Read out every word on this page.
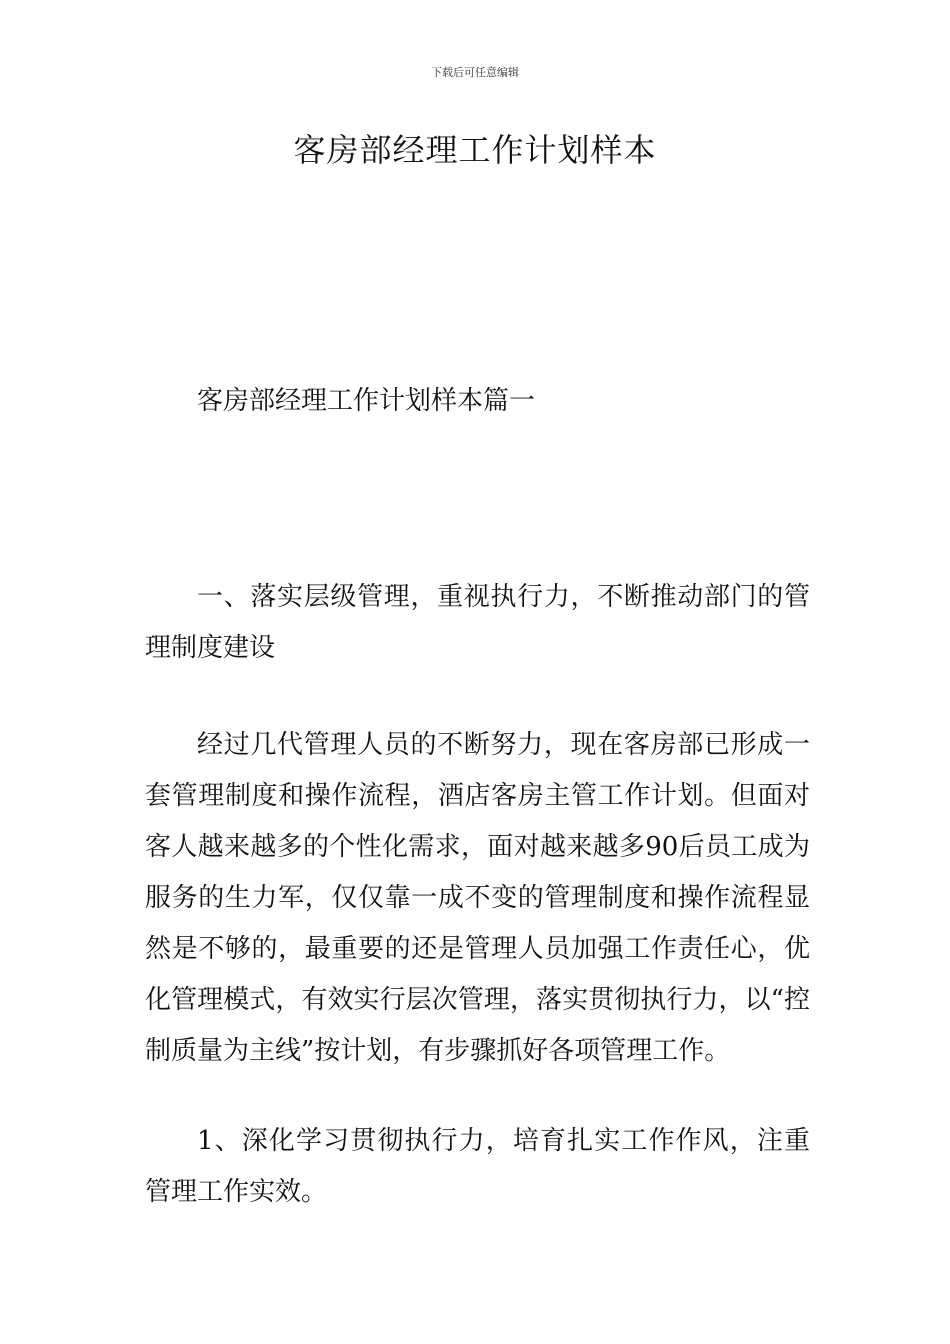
下载后可任意编辑
客房部经理工作计划样本

客房部经理工作计划样本篇一

一、落实层级管理，重视执行力，不断推动部门的管理制度建设

经过几代管理人员的不断努力，现在客房部已形成一套管理制度和操作流程，酒店客房主管工作计划。但面对客人越来越多的个性化需求，面对越来越多90后员工成为服务的生力军，仅仅靠一成不变的管理制度和操作流程显然是不够的，最重要的还是管理人员加强工作责任心，优化管理模式，有效实行层次管理，落实贯彻执行力，以“控制质量为主线”按计划，有步骤抓好各项管理工作。

1、深化学习贯彻执行力，培育扎实工作作风，注重管理工作实效。
